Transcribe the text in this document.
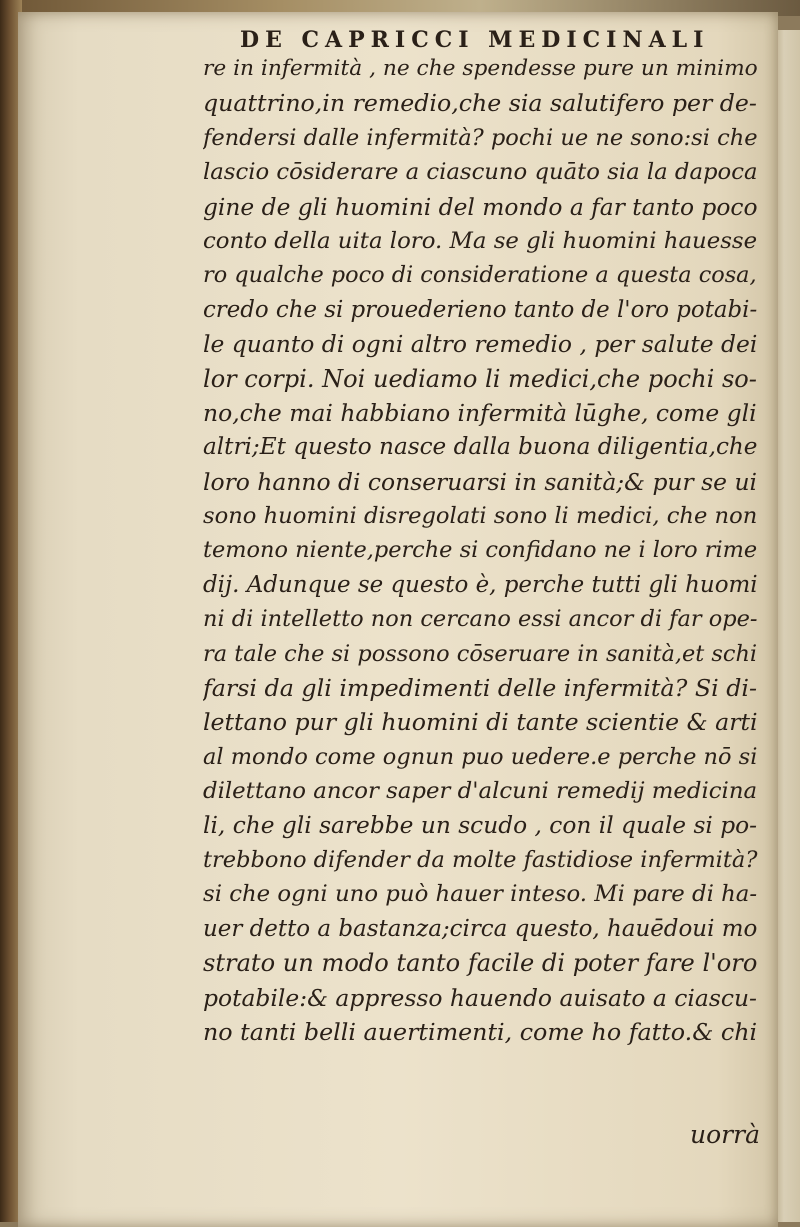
DE CAPRICCI MEDICINALI
re in infermità , ne che spendesse pure un minimo
quattrino,in remedio,che sia salutifero per de-
fendersi dalle infermità? pochi ue ne sono:si che
lascio cōsiderare a ciascuno quāto sia la dapoca
gine de gli huomini del mondo a far tanto poco
conto della uita loro. Ma se gli huomini hauesse
ro qualche poco di consideratione a questa cosa,
credo che si prouederieno tanto de l'oro potabi-
le quanto di ogni altro remedio , per salute dei
lor corpi. Noi uediamo li medici,che pochi so-
no,che mai habbiano infermità lūghe, come gli
altri;Et questo nasce dalla buona diligentia,che
loro hanno di conseruarsi in sanità;& pur se ui
sono huomini disregolati sono li medici, che non
temono niente,perche si confidano ne i loro rime
dij. Adunque se questo è, perche tutti gli huomi
ni di intelletto non cercano essi ancor di far ope-
ra tale che si possono cōseruare in sanità,et schi
farsi da gli impedimenti delle infermità? Si di-
lettano pur gli huomini di tante scientie & arti
al mondo come ognun puo uedere.e perche nō si
dilettano ancor saper d'alcuni remedij medicina
li, che gli sarebbe un scudo , con il quale si po-
trebbono difender da molte fastidiose infermità?
si che ogni uno può hauer inteso. Mi pare di ha-
uer detto a bastanza;circa questo, hauēdoui mo
strato un modo tanto facile di poter fare l'oro
potabile:& appresso hauendo auisato a ciascu-
no tanti belli auertimenti, come ho fatto.& chi
uorrà
